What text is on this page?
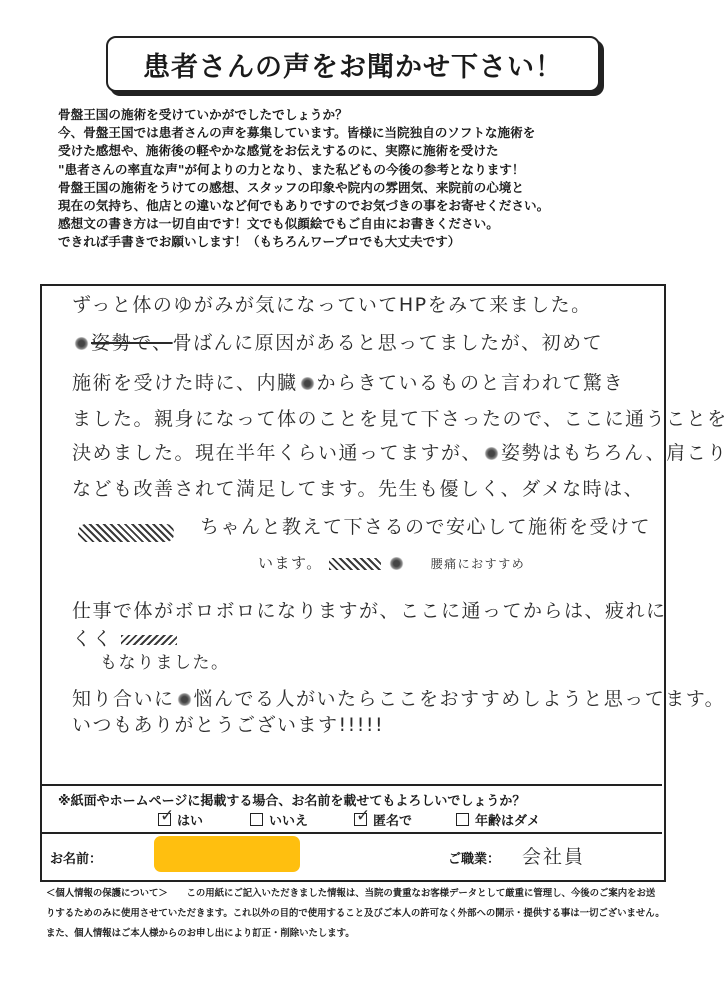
患者さんの声をお聞かせ下さい！
骨盤王国の施術を受けていかがでしたでしょうか？
今、骨盤王国では患者さんの声を募集しています。皆様に当院独自のソフトな施術を
受けた感想や、施術後の軽やかな感覚をお伝えするのに、実際に施術を受けた
"患者さんの率直な声"が何よりの力となり、また私どもの今後の参考となります！
骨盤王国の施術をうけての感想、スタッフの印象や院内の雰囲気、来院前の心境と
現在の気持ち、他店との違いなど何でもありですのでお気づきの事をお寄せください。
感想文の書き方は一切自由です！文でも似顔絵でもご自由にお書きください。
できれば手書きでお願いします！（もちろんワープロでも大丈夫です）
ずっと体のゆがみが気になっていてHPをみて来ました。
姿勢で、骨ばんに原因があると思ってましたが、初めて
施術を受けた時に、内臓 からきているものと言われて驚き
ました。親身になって体のことを見て下さったので、ここに通うことを
決めました。現在半年くらい通ってますが、 姿勢はもちろん、肩こり
なども改善されて満足してます。先生も優しく、ダメな時は、
ちゃんと教えて下さるので安心して施術を受けて
います。	腰痛におすすめ
仕事で体がボロボロになりますが、ここに通ってからは、疲れに
くく
もなりました。
知り合いに 悩んでる人がいたらここをおすすめしようと思ってます。
いつもありがとうございます!!!!!
※紙面やホームページに掲載する場合、お名前を載せてもよろしいでしょうか？
✓ はい	いいえ	✓ 匿名で	年齢はダメ
お名前：	ご職業： 会社員
＜個人情報の保護について＞　　この用紙にご記入いただきました情報は、当院の貴重なお客様データとして厳重に管理し、今後のご案内をお送
りするためのみに使用させていただきます。これ以外の目的で使用すること及びご本人の許可なく外部への開示・提供する事は一切ございません。
また、個人情報はご本人様からのお申し出により訂正・削除いたします。
